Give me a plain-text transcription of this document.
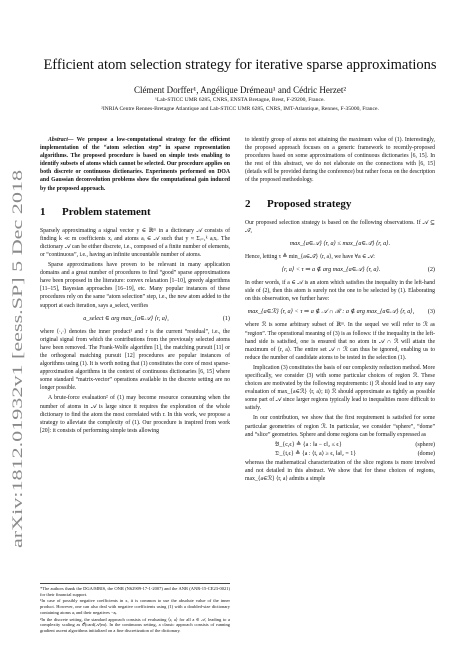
arXiv:1812.01932v1 [eess.SP] 5 Dec 2018
Efficient atom selection strategy for iterative sparse approximations
Clément Dorffer¹, Angélique Drémeau¹ and Cédric Herzet²
¹Lab-STICC UMR 6285, CNRS, ENSTA Bretagne, Brest, F-29200, France.
²INRIA Centre Rennes-Bretagne Atlantique and Lab-STICC UMR 6285, CNRS, IMT-Atlantique, Rennes, F-35000, France.

Abstract— We propose a low-computational strategy for the efficient implementation of the “atom selection step” in sparse representation algorithms. The proposed procedure is based on simple tests enabling to identify subsets of atoms which cannot be selected. Our procedure applies on both discrete or continuous dictionaries. Experiments performed on DOA and Gaussian deconvolution problems show the computational gain induced by the proposed approach.

1 Problem statement

Sparsely approximating a signal vector y ∈ ℝᵐ in a dictionary 𝒜 consists of finding k ≪ m coefficients xᵢ and atoms aᵢ ∈ 𝒜 such that y ≈ Σᵢ₌₁ᵏ aᵢxᵢ. The dictionary 𝒜 can be either discrete, i.e., composed of a finite number of elements, or “continuous”, i.e., having an infinite uncountable number of atoms.

Sparse approximations have proven to be relevant in many application domains and a great number of procedures to find “good” sparse approximations have been proposed in the literature: convex relaxation [1–10], greedy algorithms [11–15], Bayesian approaches [16–19], etc. Many popular instances of these procedures rely on the same “atom selection” step, i.e., the new atom added to the support at each iteration, says a_select, verifies

a_select ∈ arg max_{a∈𝒜} ⟨r, a⟩,	(1)

where ⟨·,·⟩ denotes the inner product¹ and r is the current “residual”, i.e., the original signal from which the contributions from the previously selected atoms have been removed. The Frank-Wolfe algorithm [1], the matching pursuit [11] or the orthogonal matching pursuit [12] procedures are popular instances of algorithms using (1). It is worth noting that (1) constitutes the core of most sparse-approximation algorithms in the context of continuous dictionaries [6, 15] where some standard “matrix-vector” operations available in the discrete setting are no longer possible.

A brute-force evaluation² of (1) may become resource consuming when the number of atoms in 𝒜 is large since it requires the exploration of the whole dictionary to find the atom the most correlated with r. In this work, we propose a strategy to alleviate the complexity of (1). Our procedure is inspired from work [20]: it consists of performing simple tests allowing

to identify group of atoms not attaining the maximum value of (1). Interestingly, the proposed approach focuses on a generic framework to recently-proposed procedures based on some approximations of continuous dictionaries [6, 15]. In the rest of this abstract, we do not elaborate on the connections with [6, 15] (details will be provided during the conference) but rather focus on the description of the proposed methodology.

2 Proposed strategy

Our proposed selection strategy is based on the following observations. If 𝒜 ⊆ 𝒜̃,

max_{a∈𝒜} ⟨r, a⟩ ≤ max_{a∈𝒜̃} ⟨r, a⟩.

Hence, letting τ ≜ min_{a∈𝒜̃} ⟨r, a⟩, we have ∀a ∈ 𝒜:

⟨r, a⟩ < τ ⇒ a ∉ arg max_{a∈𝒜} ⟨r, a⟩.	(2)

In other words, if a ∈ 𝒜 is an atom which satisfies the inequality in the left-hand side of (2), then this atom is surely not the one to be selected by (1). Elaborating on this observation, we further have:

max_{a∈ℛ} ⟨r, a⟩ < τ ⇒ a ∉ 𝒜 ∩ ℛ : a ∉ arg max_{a∈𝒜} ⟨r, a⟩,	(3)

where ℛ is some arbitrary subset of ℝᵐ. In the sequel we will refer to ℛ as “region”. The operational meaning of (3) is as follows: if the inequality in the left-hand side is satisfied, one is ensured that no atom in 𝒜 ∩ ℛ will attain the maximum of ⟨r, a⟩. The entire set 𝒜 ∩ ℛ can thus be ignored, enabling us to reduce the number of candidate atoms to be tested in the selection (1).

Implication (3) constitutes the basis of our complexity reduction method. More specifically, we consider (3) with some particular choices of region ℛ. These choices are motivated by the following requirements: i) ℛ should lead to any easy evaluation of max_{a∈ℛ} ⟨r, a⟩; ii) ℛ should approximate as tightly as possible some part of 𝒜 since larger regions typically lead to inequalities more difficult to satisfy.

In our contribution, we show that the first requirement is satisfied for some particular geometries of region ℛ. In particular, we consider “sphere”, “dome” and “slice” geometries. Sphere and dome regions can be formally expressed as

𝔅_{c,ϵ} ≜ {a : ‖a − c‖₂ ≤ ϵ}	(sphere)
𝔇_{t,ϵ} ≜ {a : ⟨t, a⟩ ≥ ϵ, ‖a‖₂ = 1}	(dome)

whereas the mathematical characterization of the slice regions is more involved and not detailed in this abstract. We show that for these choices of regions, max_{a∈ℛ} ⟨r, a⟩ admits a simple

*The authors thank the DGA/MRIS, the ONR (N62909-17-1-2007) and the ANR (ANR-15-CE23-0021) for their financial support.

¹In case of possibly negative coefficients in x, it is common to use the absolute value of the inner product. However, one can also deal with negative coefficients using (1) with a doubled-size dictionary containing atoms aᵢ and their negatives −aᵢ.

²In the discrete setting, the standard approach consists of evaluating ⟨r, a⟩ for all a ∈ 𝒜, leading to a complexity scaling as 𝒪(card(𝒜)m). In the continuous setting, a classic approach consists of running gradient ascent algorithms initialized on a fine discretization of the dictionary.
